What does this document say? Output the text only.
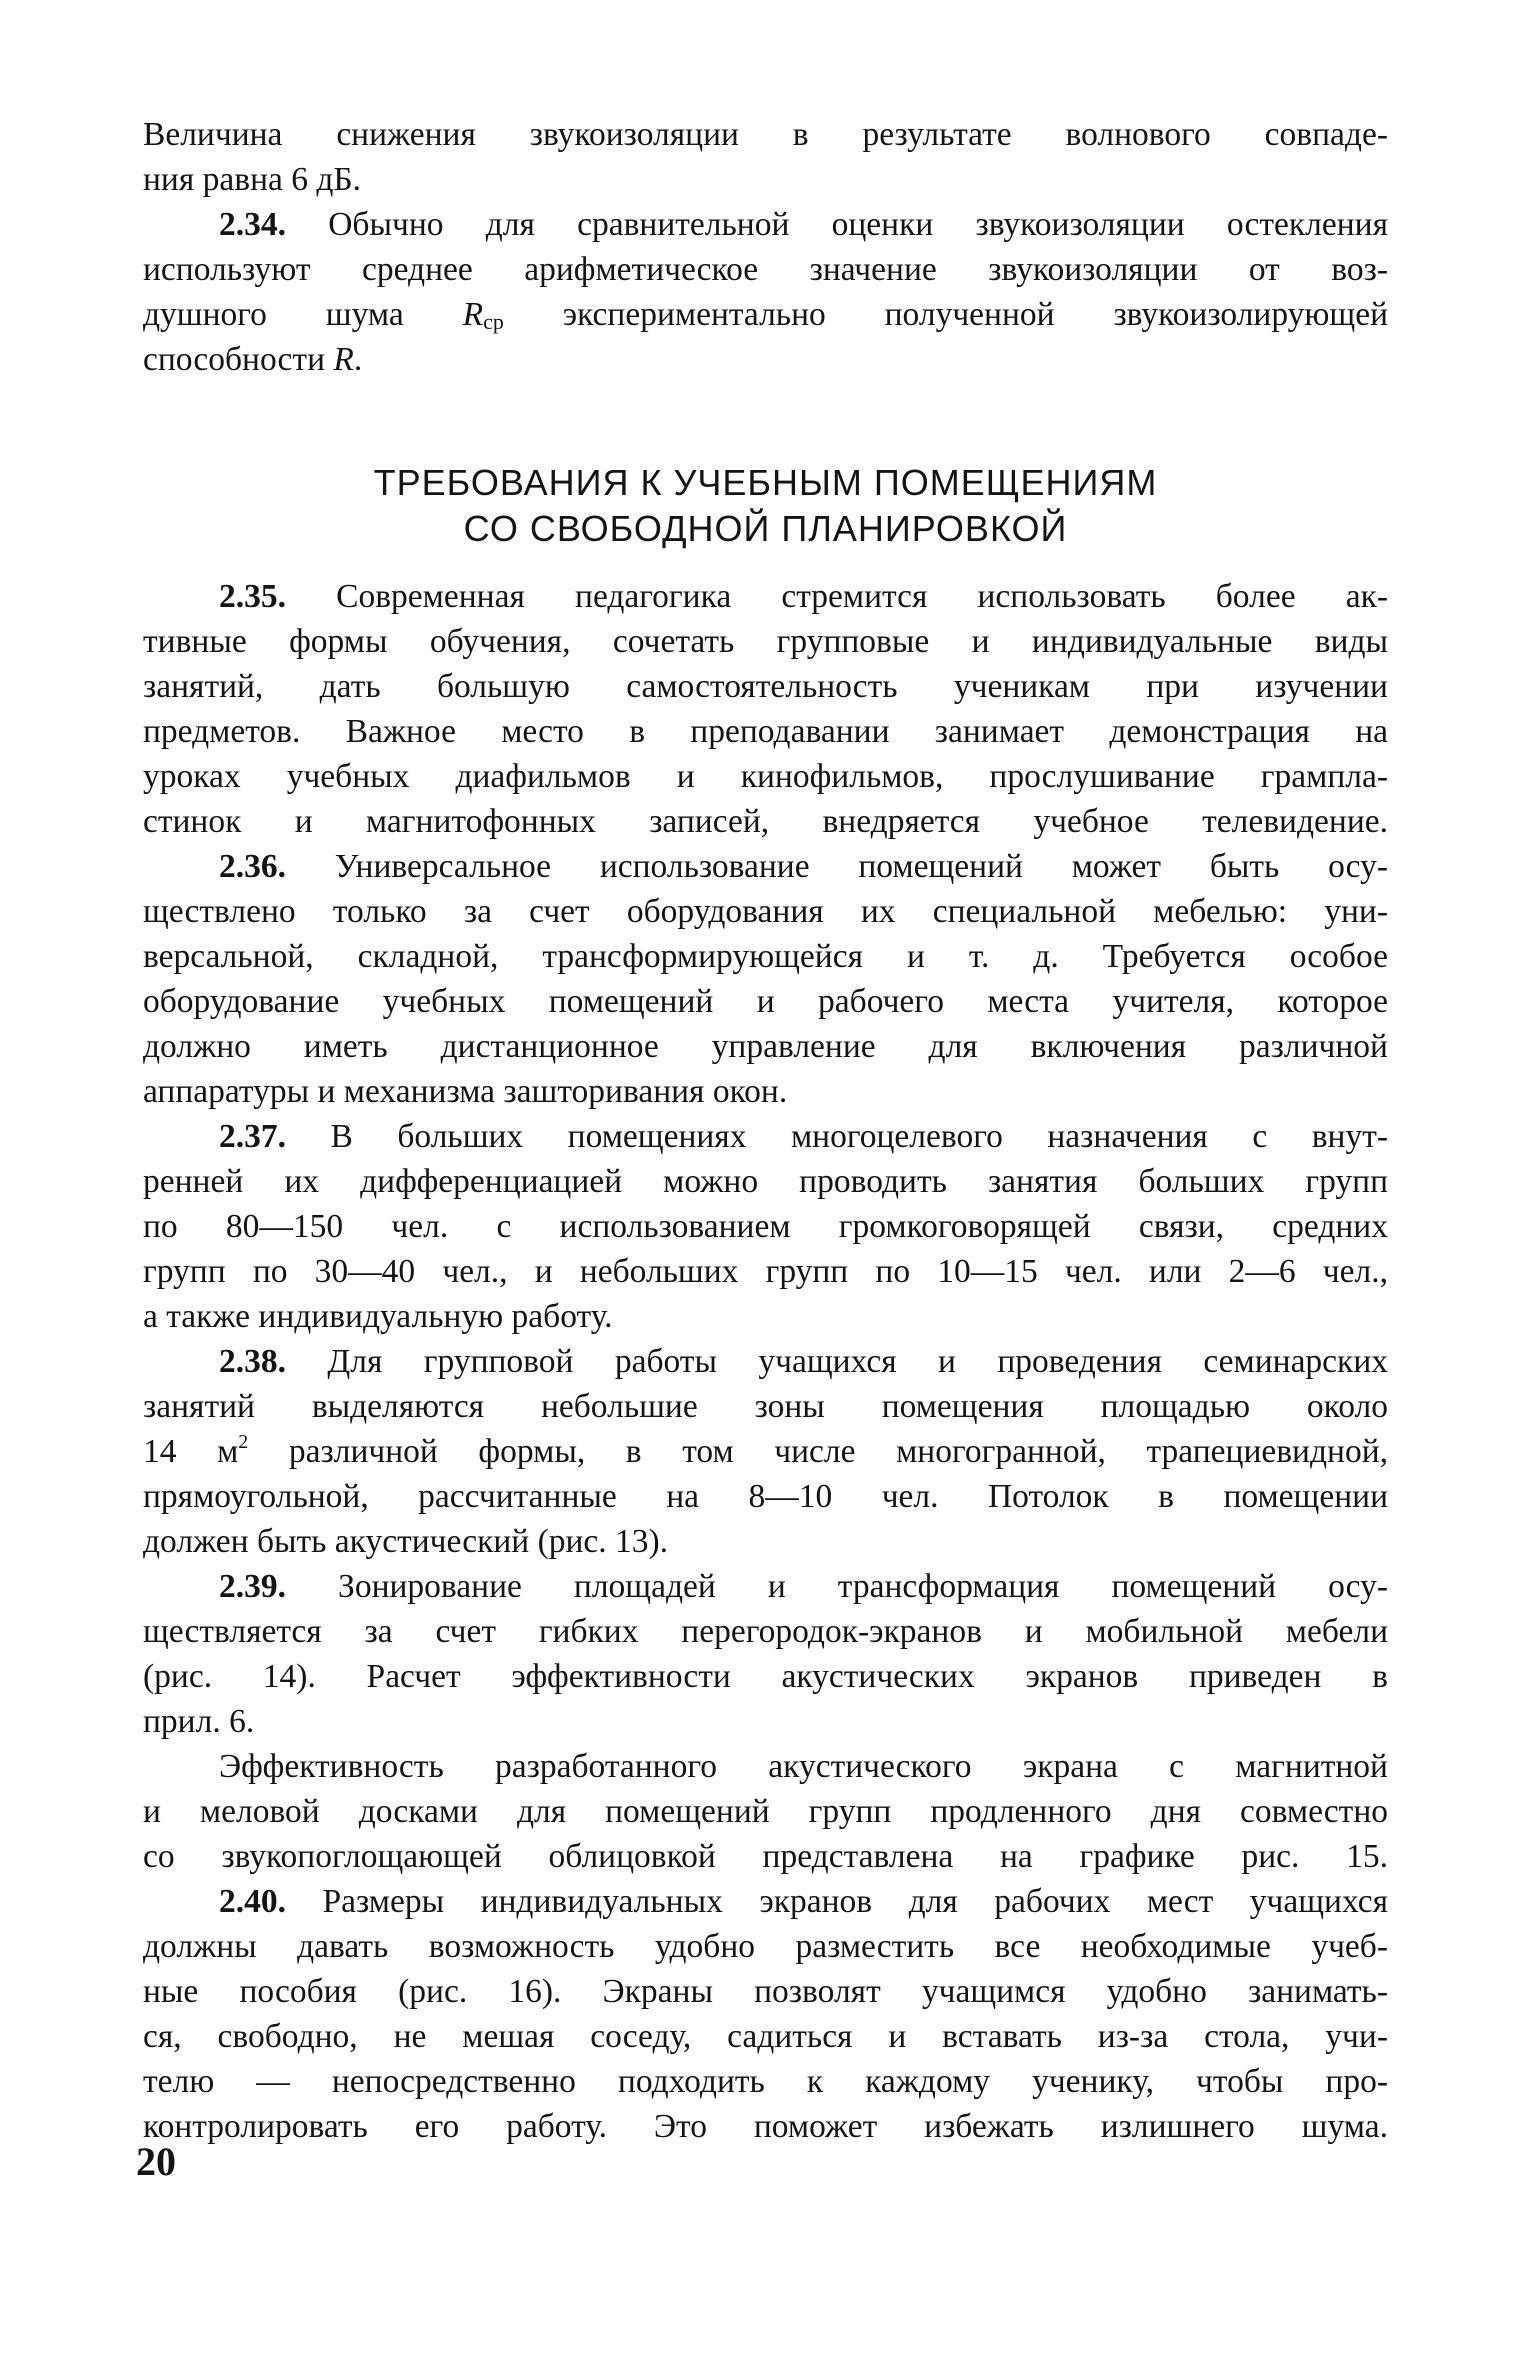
Величина снижения звукоизоляции в результате волнового совпаде-
ния равна 6 дБ.
2.34. Обычно для сравнительной оценки звукоизоляции остекления
используют среднее арифметическое значение звукоизоляции от воз-
душного шума Rср экспериментально полученной звукоизолирующей
способности R.
ТРЕБОВАНИЯ К УЧЕБНЫМ ПОМЕЩЕНИЯМ
СО СВОБОДНОЙ ПЛАНИРОВКОЙ
2.35. Современная педагогика стремится использовать более ак-
тивные формы обучения, сочетать групповые и индивидуальные виды
занятий, дать большую самостоятельность ученикам при изучении
предметов. Важное место в преподавании занимает демонстрация на
уроках учебных диафильмов и кинофильмов, прослушивание грампла-
стинок и магнитофонных записей, внедряется учебное телевидение.
2.36. Универсальное использование помещений может быть осу-
ществлено только за счет оборудования их специальной мебелью: уни-
версальной, складной, трансформирующейся и т. д. Требуется особое
оборудование учебных помещений и рабочего места учителя, которое
должно иметь дистанционное управление для включения различной
аппаратуры и механизма зашторивания окон.
2.37. В больших помещениях многоцелевого назначения с внут-
ренней их дифференциацией можно проводить занятия больших групп
по 80—150 чел. с использованием громкоговорящей связи, средних
групп по 30—40 чел., и небольших групп по 10—15 чел. или 2—6 чел.,
а также индивидуальную работу.
2.38. Для групповой работы учащихся и проведения семинарских
занятий выделяются небольшие зоны помещения площадью около
14 $м^2$ различной формы, в том числе многогранной, трапециевидной,
прямоугольной, рассчитанные на 8—10 чел. Потолок в помещении
должен быть акустический (рис. 13).
2.39. Зонирование площадей и трансформация помещений осу-
ществляется за счет гибких перегородок-экранов и мобильной мебели
(рис. 14). Расчет эффективности акустических экранов приведен в
прил. 6.
Эффективность разработанного акустического экрана с магнитной
и меловой досками для помещений групп продленного дня совместно
со звукопоглощающей облицовкой представлена на графике рис. 15.
2.40. Размеры индивидуальных экранов для рабочих мест учащихся
должны давать возможность удобно разместить все необходимые учеб-
ные пособия (рис. 16). Экраны позволят учащимся удобно занимать-
ся, свободно, не мешая соседу, садиться и вставать из-за стола, учи-
телю — непосредственно подходить к каждому ученику, чтобы про-
контролировать его работу. Это поможет избежать излишнего шума.
20
